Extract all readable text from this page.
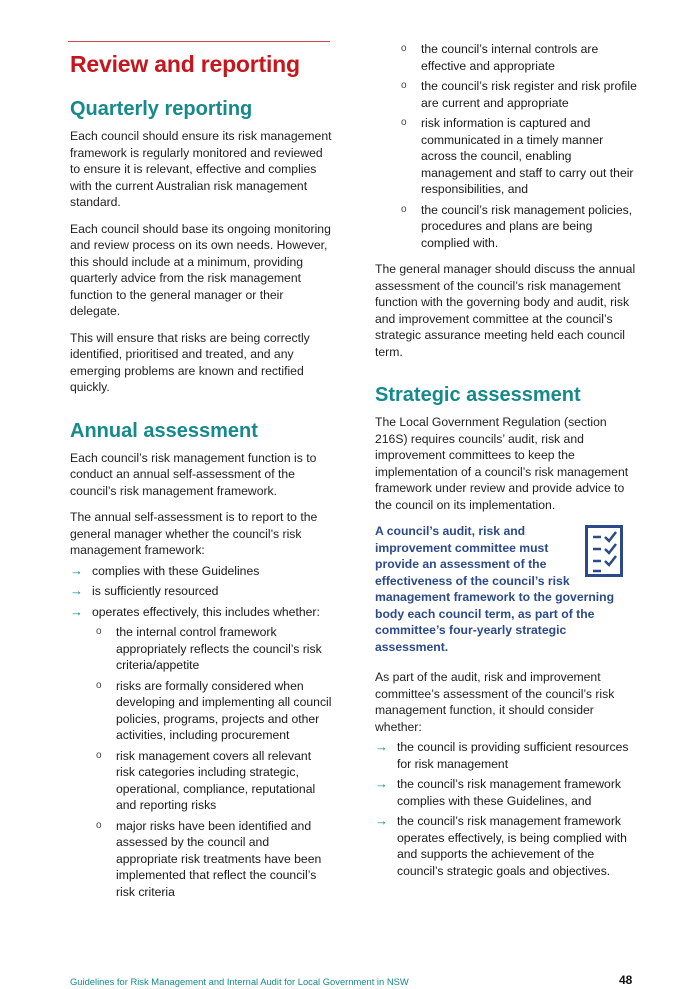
Review and reporting
Quarterly reporting

Each council should ensure its risk management framework is regularly monitored and reviewed to ensure it is relevant, effective and complies with the current Australian risk management standard.

Each council should base its ongoing monitoring and review process on its own needs. However, this should include at a minimum, providing quarterly advice from the risk management function to the general manager or their delegate.

This will ensure that risks are being correctly identified, prioritised and treated, and any emerging problems are known and rectified quickly.

Annual assessment

Each council’s risk management function is to conduct an annual self-assessment of the council’s risk management framework.

The annual self-assessment is to report to the general manager whether the council’s risk management framework:

→ complies with these Guidelines
→ is sufficiently resourced
→ operates effectively, this includes whether:
o the internal control framework appropriately reflects the council’s risk criteria/appetite
o risks are formally considered when developing and implementing all council policies, programs, projects and other activities, including procurement
o risk management covers all relevant risk categories including strategic, operational, compliance, reputational and reporting risks
o major risks have been identified and assessed by the council and appropriate risk treatments have been implemented that reflect the council’s risk criteria
o the council’s internal controls are effective and appropriate
o the council’s risk register and risk profile are current and appropriate
o risk information is captured and communicated in a timely manner across the council, enabling management and staff to carry out their responsibilities, and
o the council’s risk management policies, procedures and plans are being complied with.

The general manager should discuss the annual assessment of the council’s risk management function with the governing body and audit, risk and improvement committee at the council’s strategic assurance meeting held each council term.

Strategic assessment

The Local Government Regulation (section 216S) requires councils’ audit, risk and improvement committees to keep the implementation of a council’s risk management framework under review and provide advice to the council on its implementation.

A council’s audit, risk and
improvement committee must
provide an assessment of the
effectiveness of the council’s risk management framework to the governing body each council term, as part of the committee’s four-yearly strategic assessment.

As part of the audit, risk and improvement committee’s assessment of the council’s risk management function, it should consider whether:

→ the council is providing sufficient resources for risk management
→ the council’s risk management framework complies with these Guidelines, and
→ the council’s risk management framework operates effectively, is being complied with and supports the achievement of the council’s strategic goals and objectives.
Guidelines for Risk Management and Internal Audit for Local Government in NSW	48
